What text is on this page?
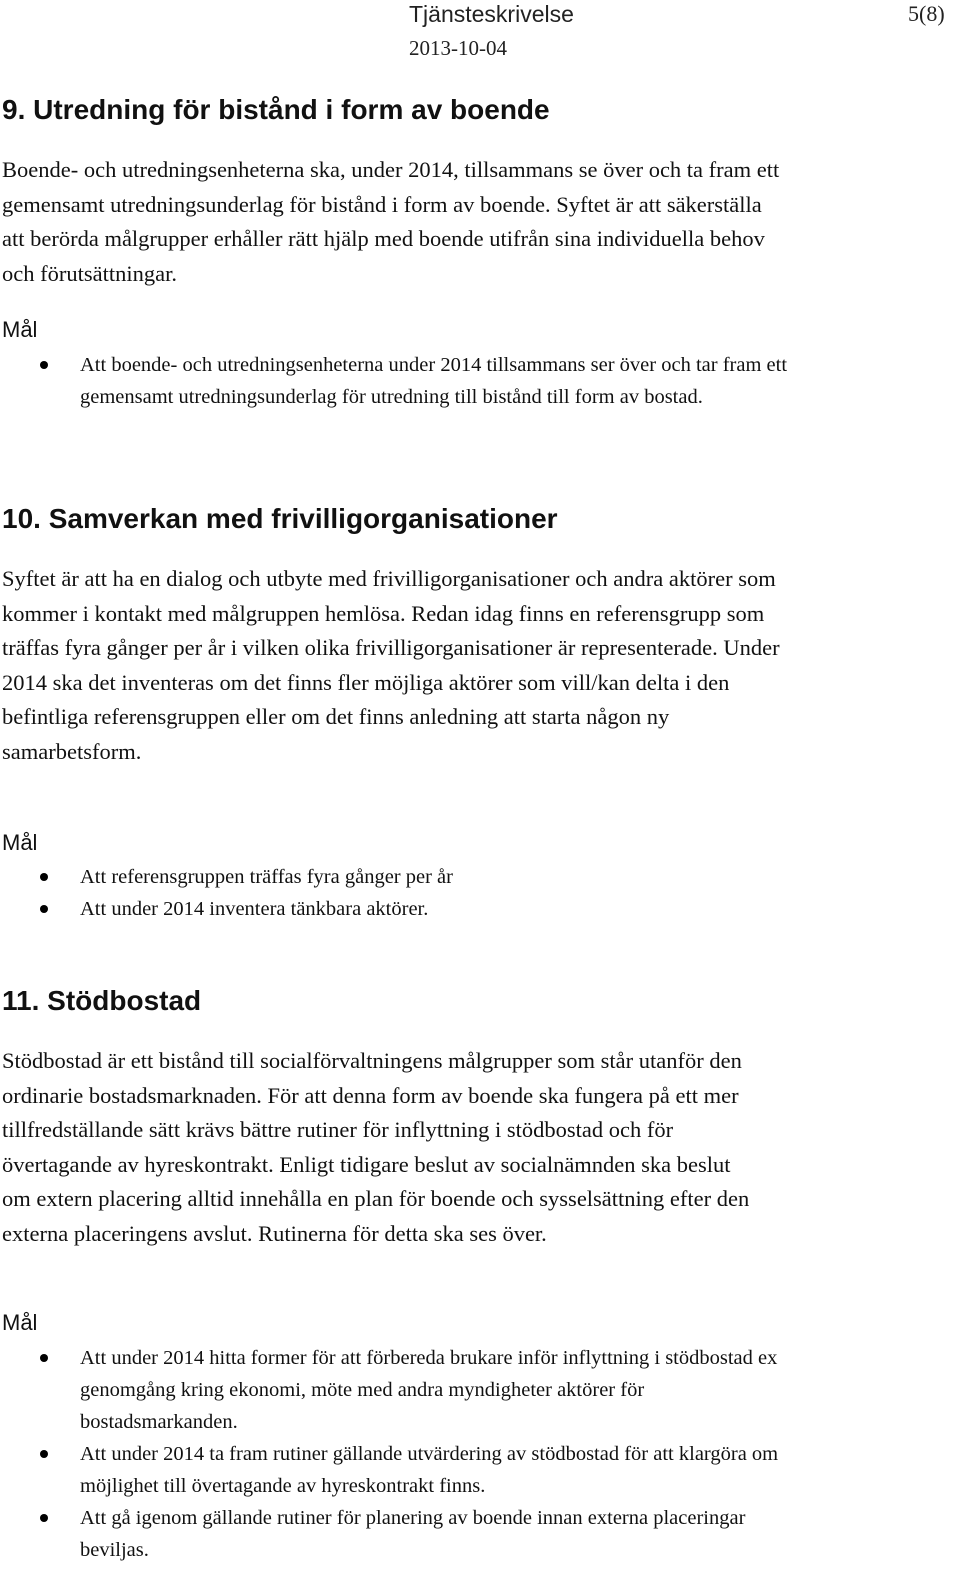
Tjänsteskrivelse
2013-10-04
5(8)
9. Utredning för bistånd i form av boende

Boende- och utredningsenheterna ska, under 2014, tillsammans se över och ta fram ett gemensamt utredningsunderlag för bistånd i form av boende. Syftet är att säkerställa att berörda målgrupper erhåller rätt hjälp med boende utifrån sina individuella behov och förutsättningar.

Mål
Att boende- och utredningsenheterna under 2014 tillsammans ser över och tar fram ett gemensamt utredningsunderlag för utredning till bistånd till form av bostad.
10. Samverkan med frivilligorganisationer

Syftet är att ha en dialog och utbyte med frivilligorganisationer och andra aktörer som kommer i kontakt med målgruppen hemlösa. Redan idag finns en referensgrupp som träffas fyra gånger per år i vilken olika frivilligorganisationer är representerade. Under 2014 ska det inventeras om det finns fler möjliga aktörer som vill/kan delta i den befintliga referensgruppen eller om det finns anledning att starta någon ny samarbetsform.

Mål
Att referensgruppen träffas fyra gånger per år
Att under 2014 inventera tänkbara aktörer.
11. Stödbostad

Stödbostad är ett bistånd till socialförvaltningens målgrupper som står utanför den ordinarie bostadsmarknaden. För att denna form av boende ska fungera på ett mer tillfredställande sätt krävs bättre rutiner för inflyttning i stödbostad och för övertagande av hyreskontrakt. Enligt tidigare beslut av socialnämnden ska beslut om extern placering alltid innehålla en plan för boende och sysselsättning efter den externa placeringens avslut. Rutinerna för detta ska ses över.

Mål
Att under 2014 hitta former för att förbereda brukare inför inflyttning i stödbostad ex genomgång kring ekonomi, möte med andra myndigheter aktörer för bostadsmarkanden.
Att under 2014 ta fram rutiner gällande utvärdering av stödbostad för att klargöra om möjlighet till övertagande av hyreskontrakt finns.
Att gå igenom gällande rutiner för planering av boende innan externa placeringar beviljas.
